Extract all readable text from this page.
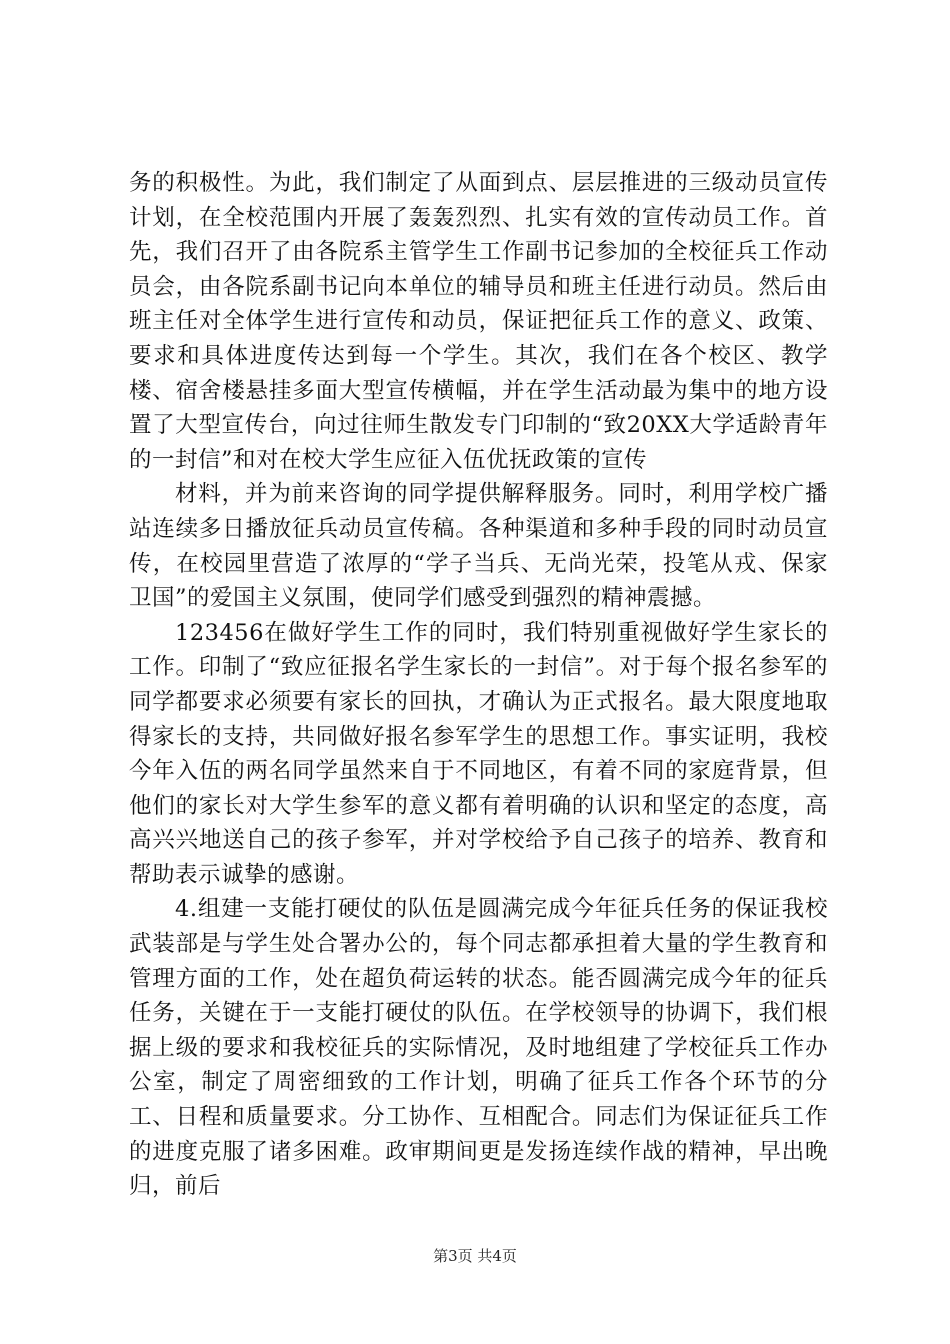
务的积极性。为此，我们制定了从面到点、层层推进的三级动员宣传计划，在全校范围内开展了轰轰烈烈、扎实有效的宣传动员工作。首先，我们召开了由各院系主管学生工作副书记参加的全校征兵工作动员会，由各院系副书记向本单位的辅导员和班主任进行动员。然后由班主任对全体学生进行宣传和动员，保证把征兵工作的意义、政策、要求和具体进度传达到每一个学生。其次，我们在各个校区、教学楼、宿舍楼悬挂多面大型宣传横幅，并在学生活动最为集中的地方设置了大型宣传台，向过往师生散发专门印制的“致20XX大学适龄青年的一封信”和对在校大学生应征入伍优抚政策的宣传

材料，并为前来咨询的同学提供解释服务。同时，利用学校广播站连续多日播放征兵动员宣传稿。各种渠道和多种手段的同时动员宣传，在校园里营造了浓厚的“学子当兵、无尚光荣，投笔从戎、保家卫国”的爱国主义氛围，使同学们感受到强烈的精神震撼。

123456在做好学生工作的同时，我们特别重视做好学生家长的工作。印制了“致应征报名学生家长的一封信”。对于每个报名参军的同学都要求必须要有家长的回执，才确认为正式报名。最大限度地取得家长的支持，共同做好报名参军学生的思想工作。事实证明，我校今年入伍的两名同学虽然来自于不同地区，有着不同的家庭背景，但他们的家长对大学生参军的意义都有着明确的认识和坚定的态度，高高兴兴地送自己的孩子参军，并对学校给予自己孩子的培养、教育和帮助表示诚挚的感谢。

4.组建一支能打硬仗的队伍是圆满完成今年征兵任务的保证我校武装部是与学生处合署办公的，每个同志都承担着大量的学生教育和管理方面的工作，处在超负荷运转的状态。能否圆满完成今年的征兵任务，关键在于一支能打硬仗的队伍。在学校领导的协调下，我们根据上级的要求和我校征兵的实际情况，及时地组建了学校征兵工作办公室，制定了周密细致的工作计划，明确了征兵工作各个环节的分工、日程和质量要求。分工协作、互相配合。同志们为保证征兵工作的进度克服了诸多困难。政审期间更是发扬连续作战的精神，早出晚归，前后

第3页 共4页
